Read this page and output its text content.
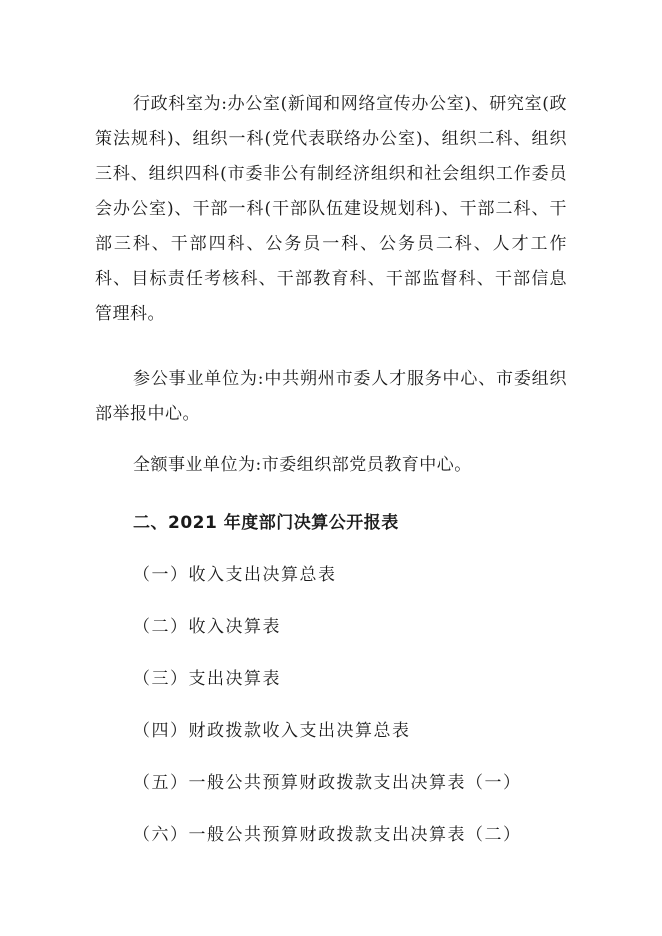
行政科室为:办公室(新闻和网络宣传办公室)、研究室(政策法规科)、组织一科(党代表联络办公室)、组织二科、组织三科、组织四科(市委非公有制经济组织和社会组织工作委员会办公室)、干部一科(干部队伍建设规划科)、干部二科、干部三科、干部四科、公务员一科、公务员二科、人才工作科、目标责任考核科、干部教育科、干部监督科、干部信息管理科。

参公事业单位为:中共朔州市委人才服务中心、市委组织部举报中心。

全额事业单位为:市委组织部党员教育中心。

二、2021 年度部门决算公开报表

（一）收入支出决算总表

（二）收入决算表

（三）支出决算表

（四）财政拨款收入支出决算总表

（五）一般公共预算财政拨款支出决算表（一）

（六）一般公共预算财政拨款支出决算表（二）
